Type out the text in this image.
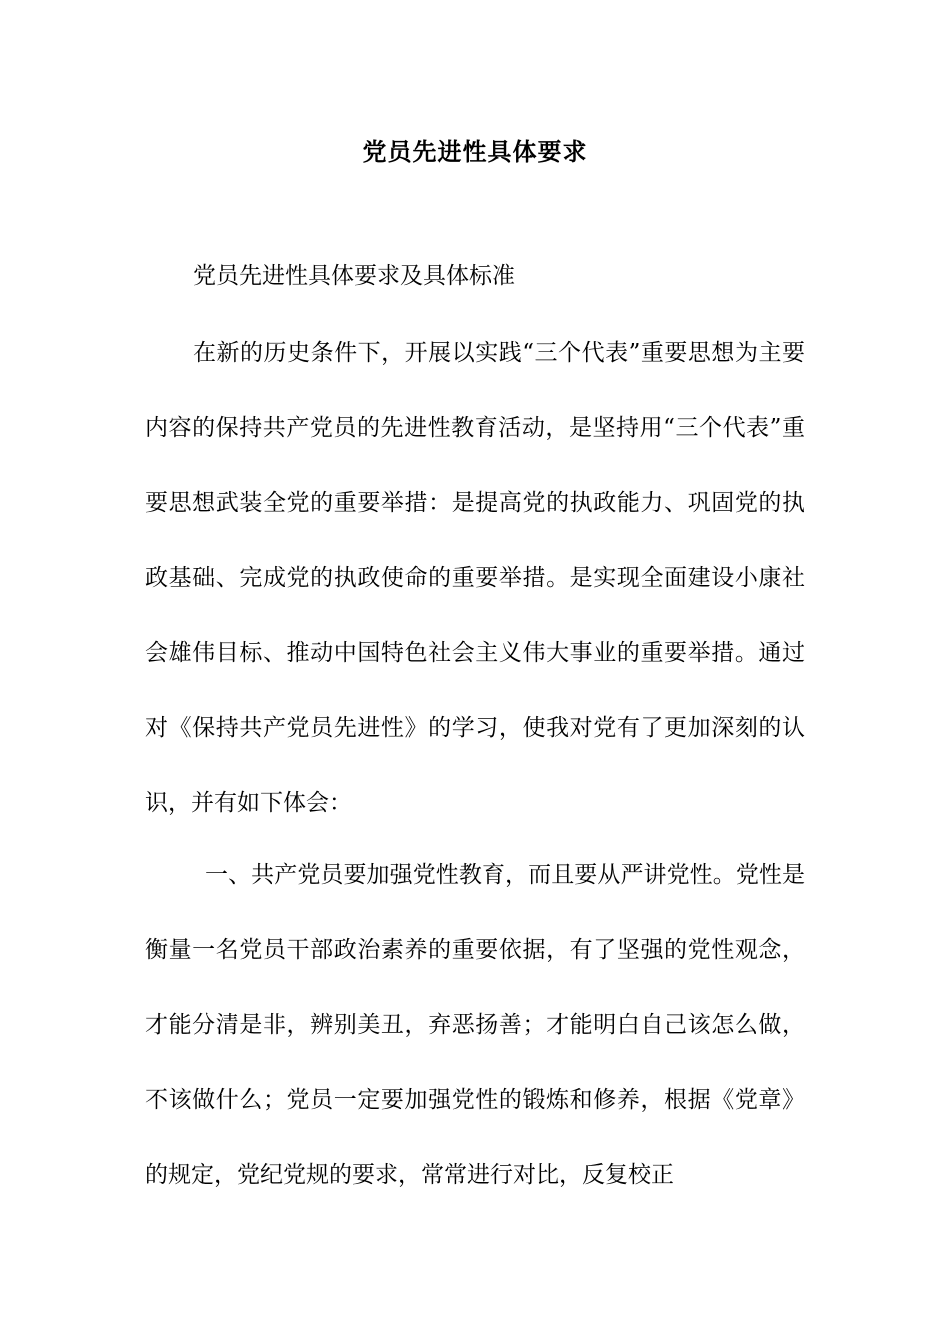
党员先进性具体要求
党员先进性具体要求及具体标准

在新的历史条件下，开展以实践“三个代表”重要思想为主要内容的保持共产党员的先进性教育活动，是坚持用“三个代表”重要思想武装全党的重要举措：是提高党的执政能力、巩固党的执政基础、完成党的执政使命的重要举措。是实现全面建设小康社会雄伟目标、推动中国特色社会主义伟大事业的重要举措。通过对《保持共产党员先进性》的学习，使我对党有了更加深刻的认识，并有如下体会：

一、共产党员要加强党性教育，而且要从严讲党性。党性是衡量一名党员干部政治素养的重要依据，有了坚强的党性观念，才能分清是非，辨别美丑，弃恶扬善；才能明白自己该怎么做，不该做什么；党员一定要加强党性的锻炼和修养，根据《党章》的规定，党纪党规的要求，常常进行对比，反复校正
